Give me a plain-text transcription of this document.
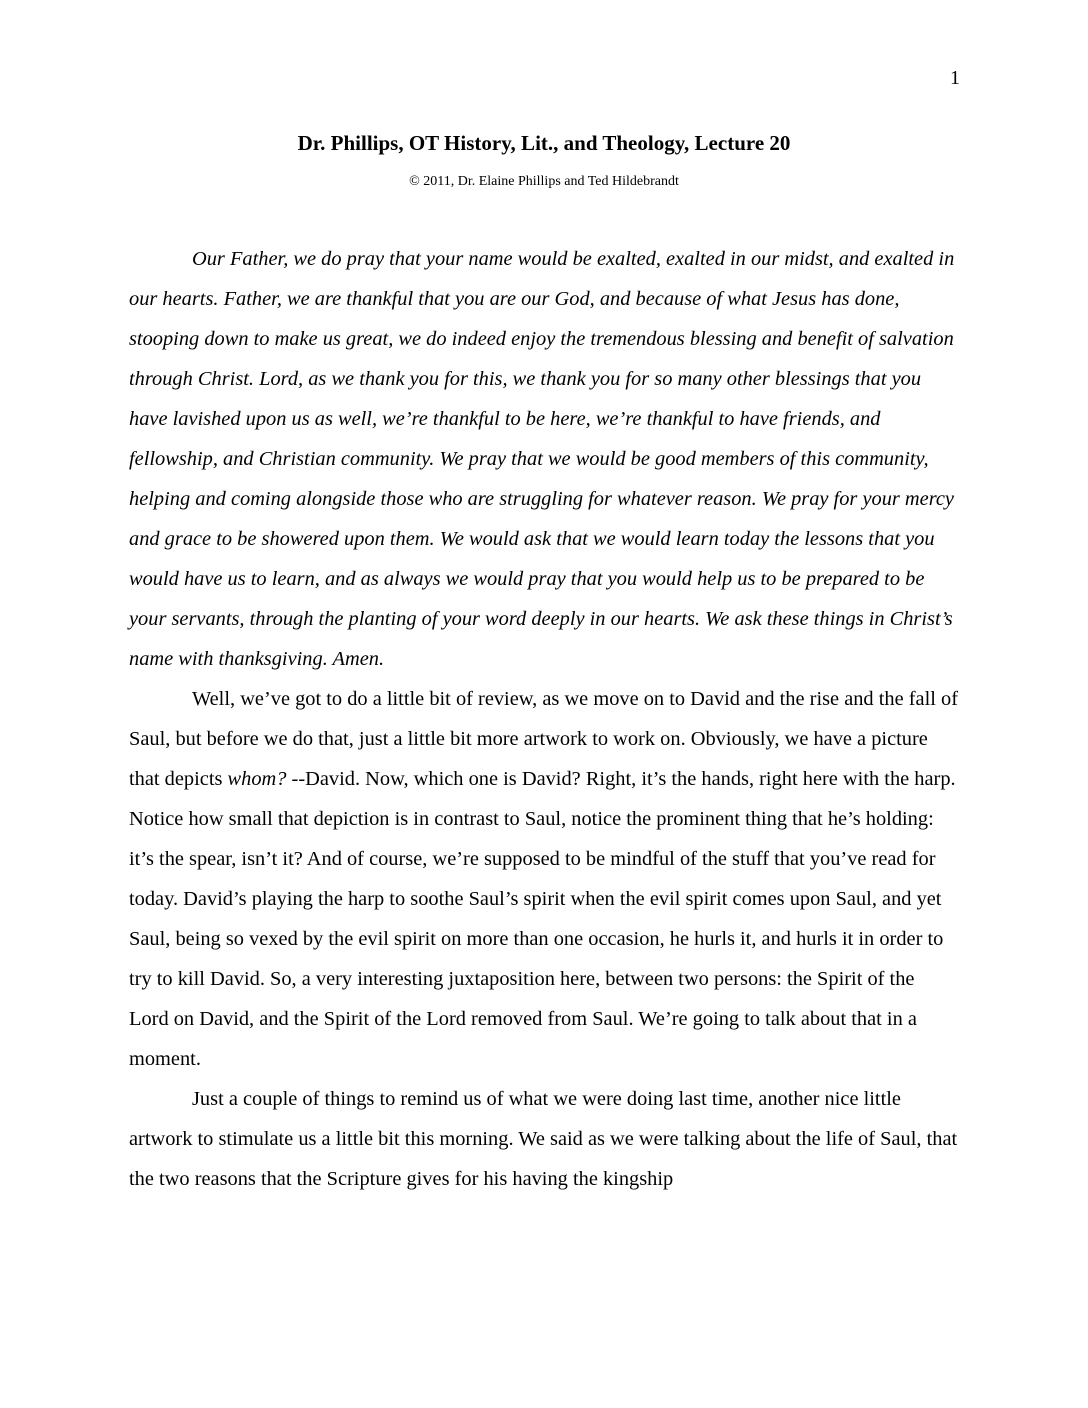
1
Dr. Phillips, OT History, Lit., and Theology, Lecture 20
© 2011, Dr. Elaine Phillips and Ted Hildebrandt

Our Father, we do pray that your name would be exalted, exalted in our midst, and exalted in our hearts. Father, we are thankful that you are our God, and because of what Jesus has done, stooping down to make us great, we do indeed enjoy the tremendous blessing and benefit of salvation through Christ. Lord, as we thank you for this, we thank you for so many other blessings that you have lavished upon us as well, we’re thankful to be here, we’re thankful to have friends, and fellowship, and Christian community. We pray that we would be good members of this community, helping and coming alongside those who are struggling for whatever reason. We pray for your mercy and grace to be showered upon them. We would ask that we would learn today the lessons that you would have us to learn, and as always we would pray that you would help us to be prepared to be your servants, through the planting of your word deeply in our hearts. We ask these things in Christ’s name with thanksgiving. Amen.

Well, we’ve got to do a little bit of review, as we move on to David and the rise and the fall of Saul, but before we do that, just a little bit more artwork to work on. Obviously, we have a picture that depicts whom? --David. Now, which one is David? Right, it’s the hands, right here with the harp. Notice how small that depiction is in contrast to Saul, notice the prominent thing that he’s holding: it’s the spear, isn’t it? And of course, we’re supposed to be mindful of the stuff that you’ve read for today. David’s playing the harp to soothe Saul’s spirit when the evil spirit comes upon Saul, and yet Saul, being so vexed by the evil spirit on more than one occasion, he hurls it, and hurls it in order to try to kill David. So, a very interesting juxtaposition here, between two persons: the Spirit of the Lord on David, and the Spirit of the Lord removed from Saul. We’re going to talk about that in a moment.

Just a couple of things to remind us of what we were doing last time, another nice little artwork to stimulate us a little bit this morning. We said as we were talking about the life of Saul, that the two reasons that the Scripture gives for his having the kingship
